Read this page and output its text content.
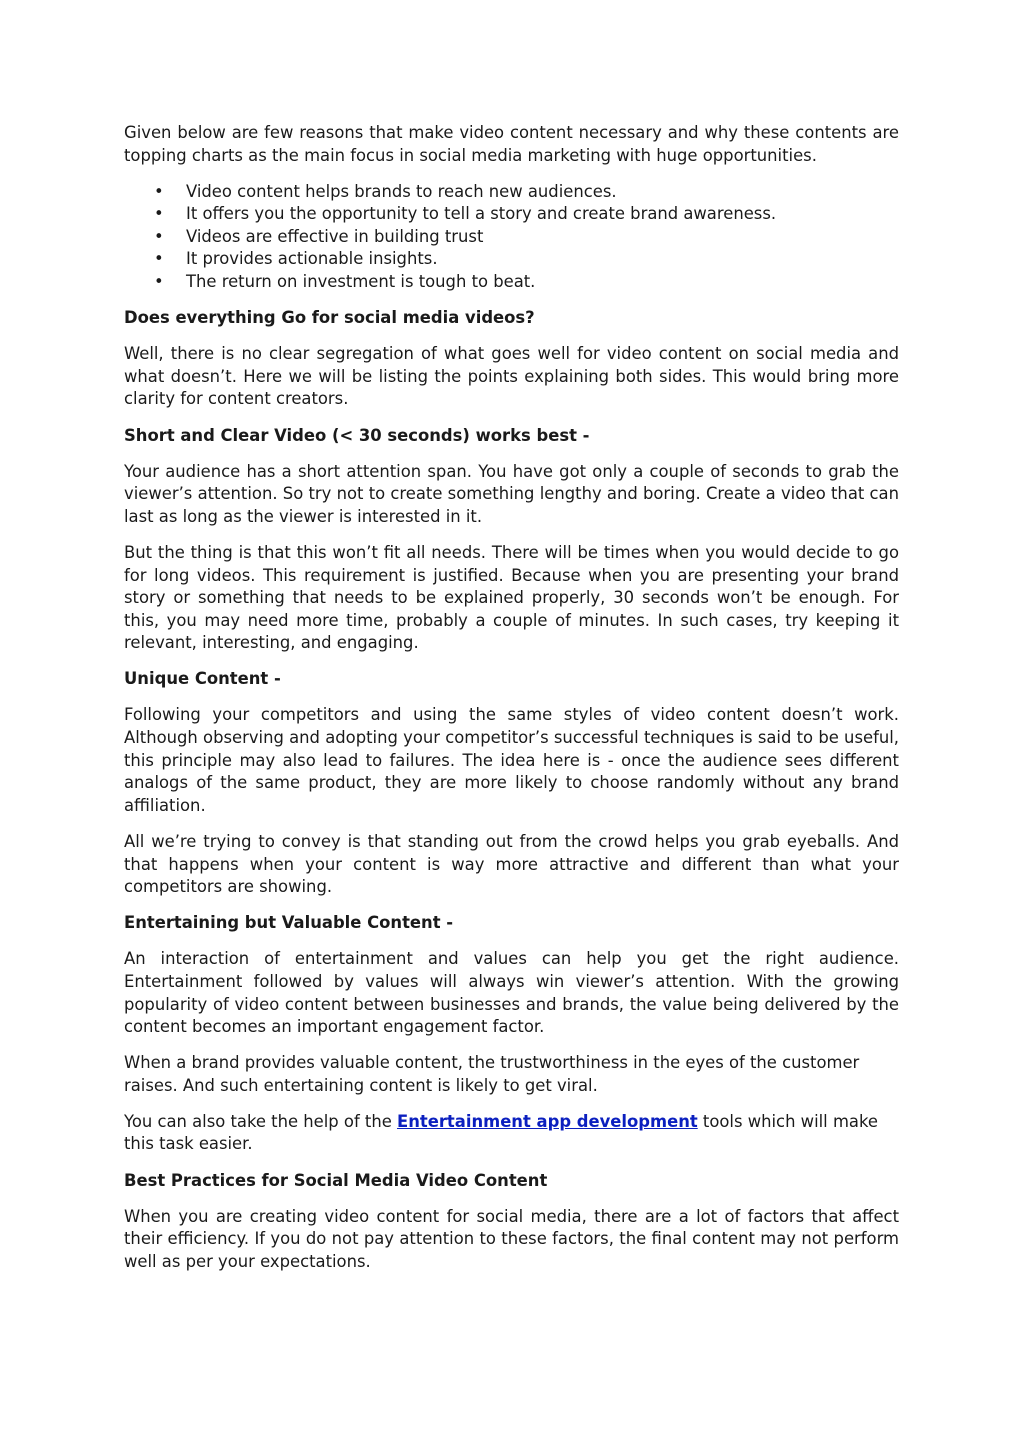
Given below are few reasons that make video content necessary and why these contents are topping charts as the main focus in social media marketing with huge opportunities.

• Video content helps brands to reach new audiences.
• It offers you the opportunity to tell a story and create brand awareness.
• Videos are effective in building trust
• It provides actionable insights.
• The return on investment is tough to beat.
Does everything Go for social media videos?

Well, there is no clear segregation of what goes well for video content on social media and what doesn’t. Here we will be listing the points explaining both sides. This would bring more clarity for content creators.

Short and Clear Video (< 30 seconds) works best -

Your audience has a short attention span. You have got only a couple of seconds to grab the viewer’s attention. So try not to create something lengthy and boring. Create a video that can last as long as the viewer is interested in it.

But the thing is that this won’t fit all needs. There will be times when you would decide to go for long videos. This requirement is justified. Because when you are presenting your brand story or something that needs to be explained properly, 30 seconds won’t be enough. For this, you may need more time, probably a couple of minutes. In such cases, try keeping it relevant, interesting, and engaging.

Unique Content -

Following your competitors and using the same styles of video content doesn’t work. Although observing and adopting your competitor’s successful techniques is said to be useful, this principle may also lead to failures. The idea here is - once the audience sees different analogs of the same product, they are more likely to choose randomly without any brand affiliation.

All we’re trying to convey is that standing out from the crowd helps you grab eyeballs. And that happens when your content is way more attractive and different than what your competitors are showing.

Entertaining but Valuable Content -

An interaction of entertainment and values can help you get the right audience. Entertainment followed by values will always win viewer’s attention. With the growing popularity of video content between businesses and brands, the value being delivered by the content becomes an important engagement factor.

When a brand provides valuable content, the trustworthiness in the eyes of the customer raises. And such entertaining content is likely to get viral.

You can also take the help of the Entertainment app development tools which will make this task easier.

Best Practices for Social Media Video Content

When you are creating video content for social media, there are a lot of factors that affect their efficiency. If you do not pay attention to these factors, the final content may not perform well as per your expectations.
